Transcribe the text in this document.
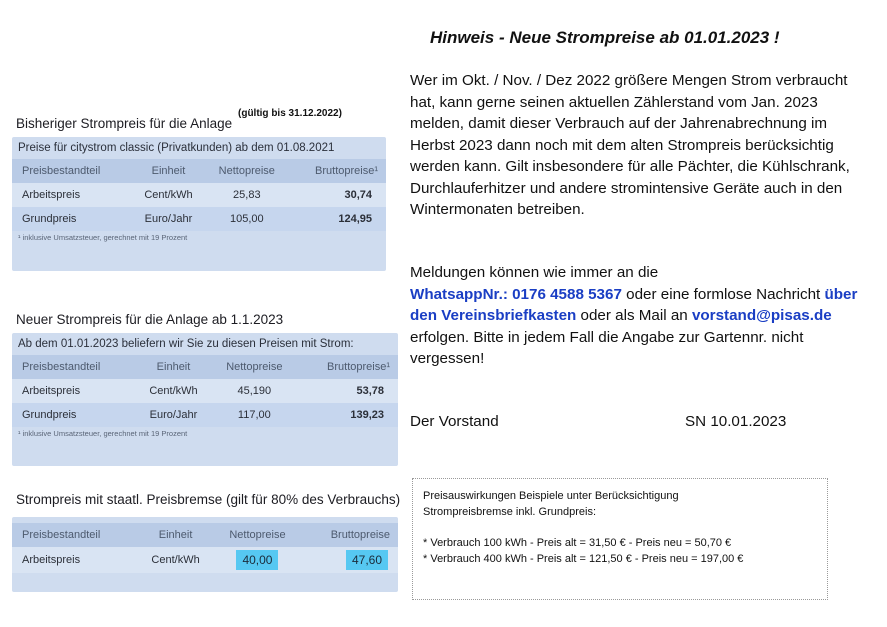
Bisheriger Strompreis für die Anlage
(gültig bis 31.12.2022)
Preise für citystrom classic (Privatkunden) ab dem 01.08.2021
Preisbestandteil	Einheit	Nettopreise	Bruttopreise¹
Arbeitspreis	Cent/kWh	25,83	30,74
Grundpreis	Euro/Jahr	105,00	124,95
¹ inklusive Umsatzsteuer, gerechnet mit 19 Prozent
Neuer Strompreis für die Anlage ab 1.1.2023
Ab dem 01.01.2023 beliefern wir Sie zu diesen Preisen mit Strom:
Preisbestandteil	Einheit	Nettopreise	Bruttopreise¹
Arbeitspreis	Cent/kWh	45,190	53,78
Grundpreis	Euro/Jahr	117,00	139,23
¹ inklusive Umsatzsteuer, gerechnet mit 19 Prozent
Strompreis mit staatl. Preisbremse (gilt für 80% des Verbrauchs)
Preisbestandteil	Einheit	Nettopreise	Bruttopreise
Arbeitspreis	Cent/kWh	40,00	47,60
Hinweis - Neue Strompreise ab 01.01.2023 !
Wer im Okt. / Nov. / Dez 2022 größere Mengen Strom verbraucht hat, kann gerne seinen aktuellen Zählerstand vom Jan. 2023 melden, damit dieser Verbrauch auf der Jahrenabrechnung im Herbst 2023 dann noch mit dem alten Strompreis berücksichtig werden kann. Gilt insbesondere für alle Pächter, die Kühlschrank, Durchlauferhitzer und andere stromintensive Geräte auch in den Wintermonaten betreiben.
Meldungen können wie immer an die
WhatsappNr.: 0176 4588 5367 oder eine formlose Nachricht über den Vereinsbriefkasten oder als Mail an vorstand@pisas.de erfolgen. Bitte in jedem Fall die Angabe zur Gartennr. nicht vergessen!
Der Vorstand	SN 10.01.2023
Preisauswirkungen Beispiele unter Berücksichtigung
Strompreisbremse inkl. Grundpreis:
* Verbrauch 100 kWh - Preis alt = 31,50 € - Preis neu = 50,70 €
* Verbrauch 400 kWh - Preis alt = 121,50 € - Preis neu = 197,00 €
